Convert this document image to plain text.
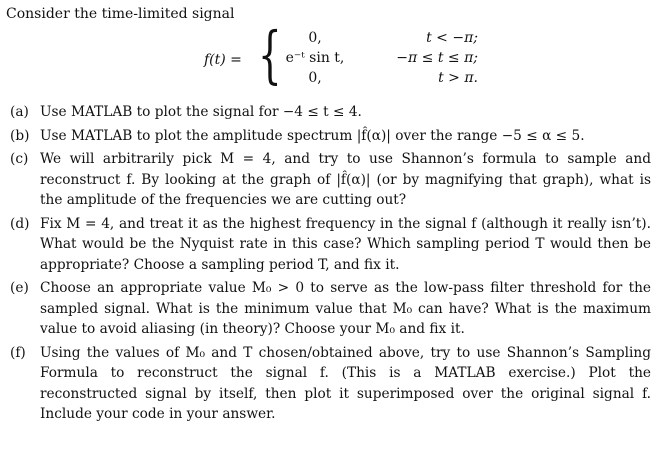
Consider the time-limited signal

f(t) = {	0,	t < −π;
e⁻ᵗ sin t,	−π ≤ t ≤ π;
0,	t > π.
(a) Use MATLAB to plot the signal for −4 ≤ t ≤ 4.
(b) Use MATLAB to plot the amplitude spectrum |f̂(α)| over the range −5 ≤ α ≤ 5.
(c) We will arbitrarily pick M = 4, and try to use Shannon’s formula to sample and reconstruct f. By looking at the graph of |f̂(α)| (or by magnifying that graph), what is the amplitude of the frequencies we are cutting out?
(d) Fix M = 4, and treat it as the highest frequency in the signal f (although it really isn’t). What would be the Nyquist rate in this case? Which sampling period T would then be appropriate? Choose a sampling period T, and fix it.
(e) Choose an appropriate value M₀ > 0 to serve as the low-pass filter threshold for the sampled signal. What is the minimum value that M₀ can have? What is the maximum value to avoid aliasing (in theory)? Choose your M₀ and fix it.
(f)	Using the values of M₀ and T chosen/obtained above, try to use Shannon’s Sampling Formula to reconstruct the signal f. (This is a MATLAB exercise.) Plot the reconstructed signal by itself, then plot it superimposed over the original signal f. Include your code in your answer.
